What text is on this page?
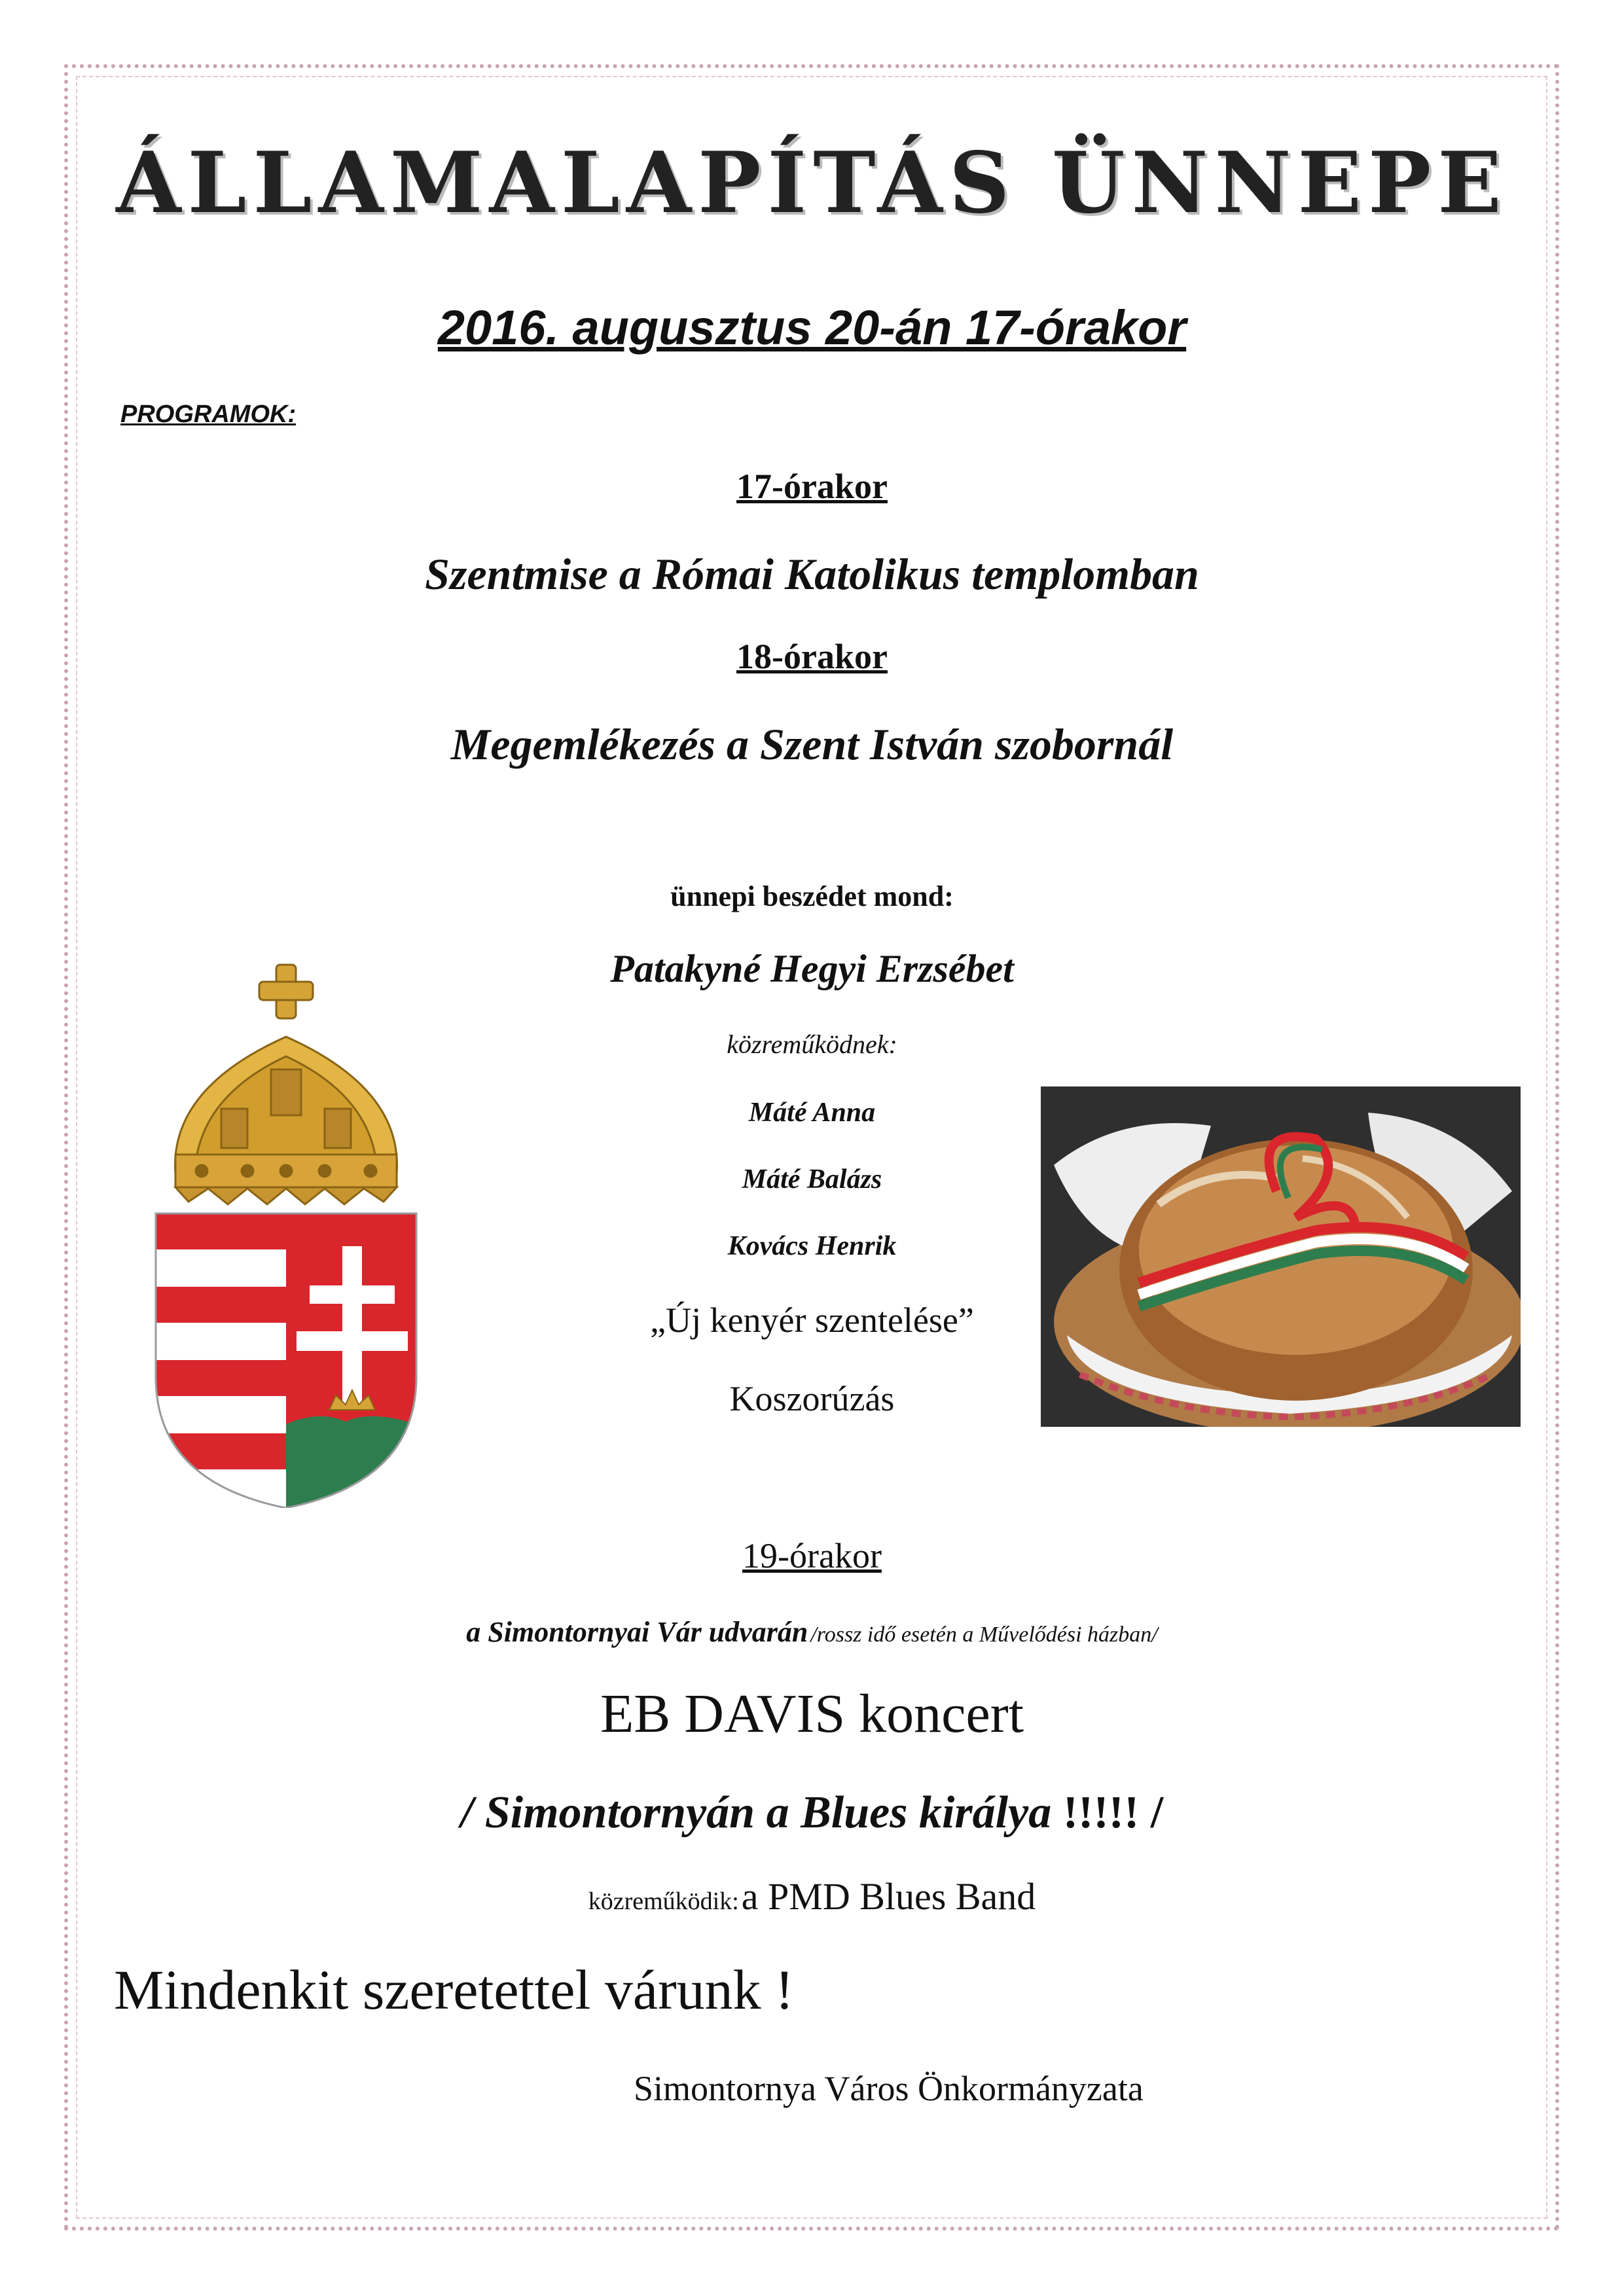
ÁLLAMALAPÍTÁS ÜNNEPE
2016. augusztus 20-án 17-órakor
PROGRAMOK:
17-órakor
Szentmise a Római Katolikus templomban
18-órakor
Megemlékezés a Szent István szobornál
ünnepi beszédet mond:
Patakyné Hegyi Erzsébet
közreműködnek:
Máté Anna
Máté Balázs
Kovács Henrik
„Új kenyér szentelése”
Koszorúzás
19-órakor
a Simontornyai Vár udvarán /rossz idő esetén a Művelődési házban/
EB DAVIS koncert
/ Simontornyán a Blues királya !!!!! /
közreműködik: a PMD Blues Band
Mindenkit szeretettel várunk !
Simontornya Város Önkormányzata
